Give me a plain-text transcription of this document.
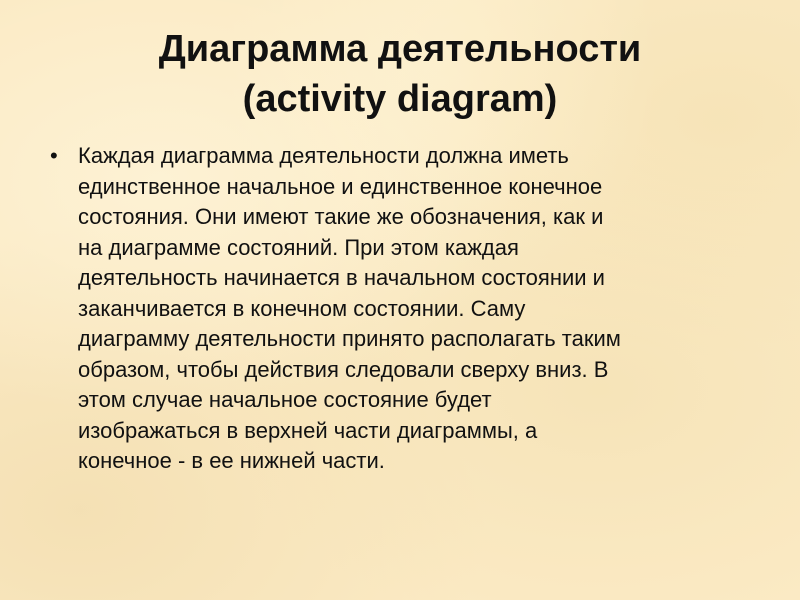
Диаграмма деятельности
(activity diagram)
• Каждая диаграмма деятельности должна иметь
единственное начальное и единственное конечное
состояния. Они имеют такие же обозначения, как и
на диаграмме состояний. При этом каждая
деятельность начинается в начальном состоянии и
заканчивается в конечном состоянии. Саму
диаграмму деятельности принято располагать таким
образом, чтобы действия следовали сверху вниз. В
этом случае начальное состояние будет
изображаться в верхней части диаграммы, а
конечное - в ее нижней части.
